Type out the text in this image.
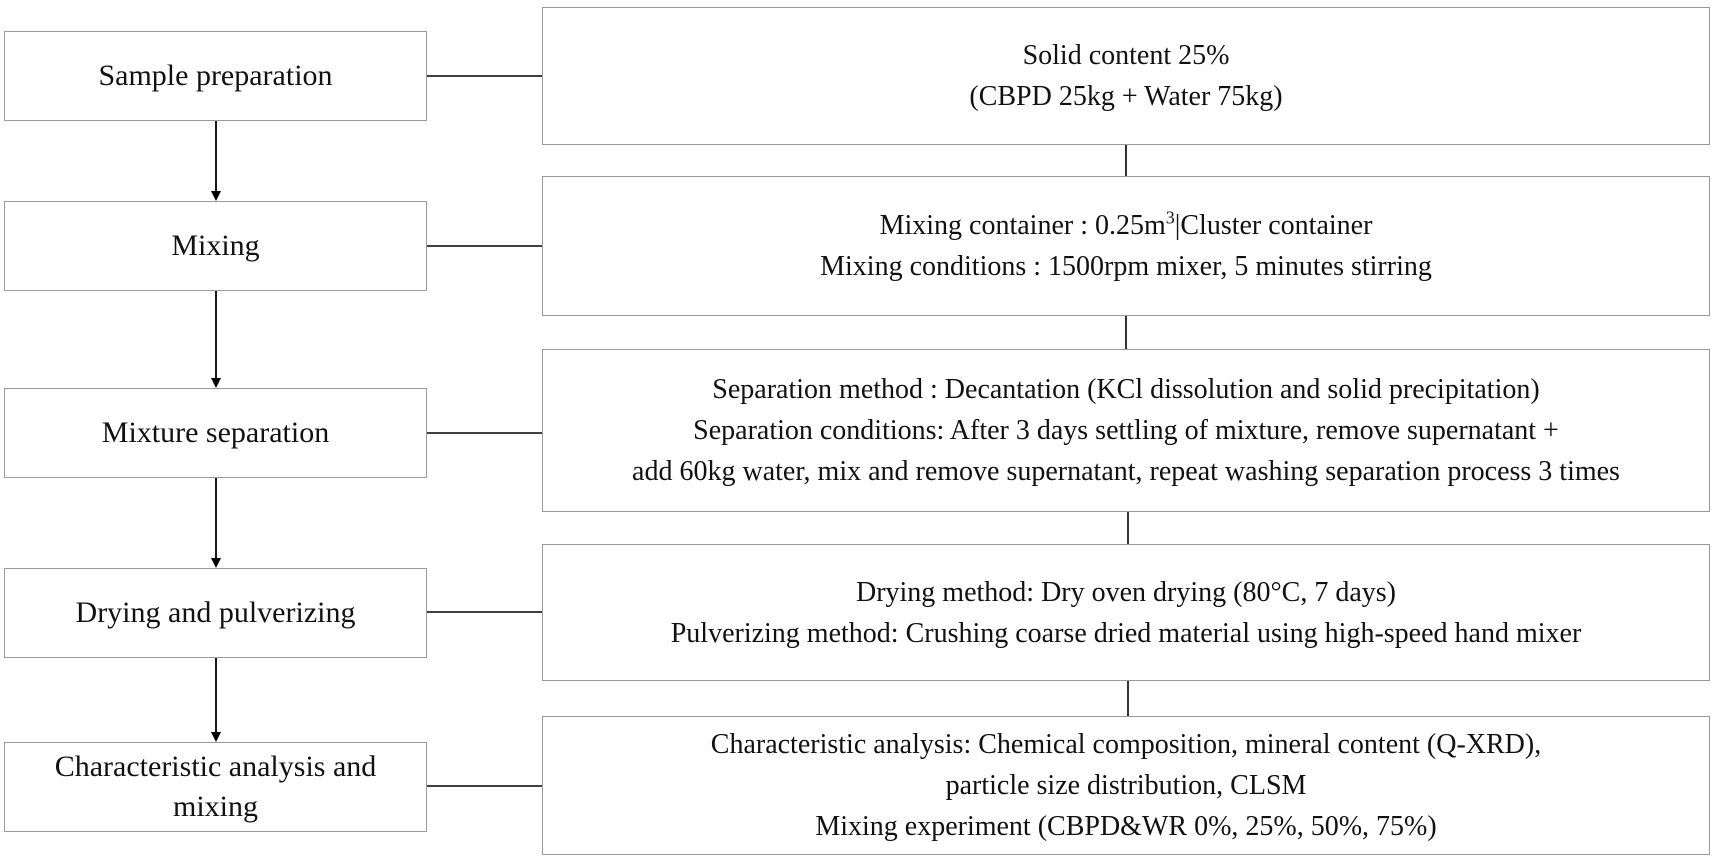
Sample preparation
Mixing
Mixture separation
Drying and pulverizing
Characteristic analysis and mixing
Solid content 25%
(CBPD 25kg + Water 75kg)
Mixing container : $0.25m^3|Cluster$ container
Mixing conditions : 1500rpm mixer, 5 minutes stirring
Separation method : Decantation (KCl dissolution and solid precipitation)
Separation conditions: After 3 days settling of mixture, remove supernatant +
add 60kg water, mix and remove supernatant, repeat washing separation process 3 times
Drying method: Dry oven drying (80°C, 7 days)
Pulverizing method: Crushing coarse dried material using high-speed hand mixer
Characteristic analysis: Chemical composition, mineral content (Q-XRD),
particle size distribution, CLSM
Mixing experiment (CBPD&WR 0%, 25%, 50%, 75%)
